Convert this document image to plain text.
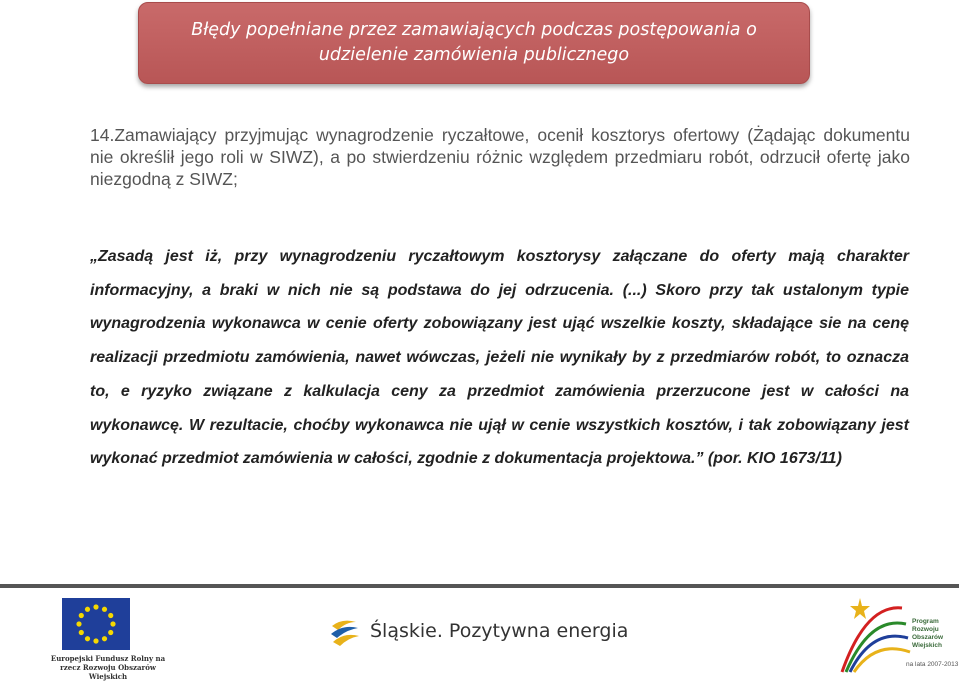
Błędy popełniane przez zamawiających podczas postępowania o udzielenie zamówienia publicznego
14.Zamawiający przyjmując wynagrodzenie ryczałtowe, ocenił kosztorys ofertowy (Żądając dokumentu nie określił jego roli w SIWZ), a po stwierdzeniu różnic względem przedmiaru robót, odrzucił ofertę jako niezgodną z SIWZ;
„Zasadą jest iż, przy wynagrodzeniu ryczałtowym kosztorysy załączane do oferty mają charakter informacyjny, a braki w nich nie są podstawa do jej odrzucenia. (...) Skoro przy tak ustalonym typie wynagrodzenia wykonawca w cenie oferty zobowiązany jest ująć wszelkie koszty, składające sie na cenę realizacji przedmiotu zamówienia, nawet wówczas, jeżeli nie wynikały by z przedmiarów robót, to oznacza to, e ryzyko związane z kalkulacja ceny za przedmiot zamówienia przerzucone jest w całości na wykonawcę. W rezultacie, choćby wykonawca nie ujął w cenie wszystkich kosztów, i tak zobowiązany jest wykonać przedmiot zamówienia w całości, zgodnie z dokumentacja projektowa.” (por. KIO 1673/11)
Europejski Fundusz Rolny na rzecz Rozwoju Obszarów Wiejskich
Śląskie. Pozytywna energia	Program Rozwoju Obszarów Wiejskich
na lata 2007-2013
